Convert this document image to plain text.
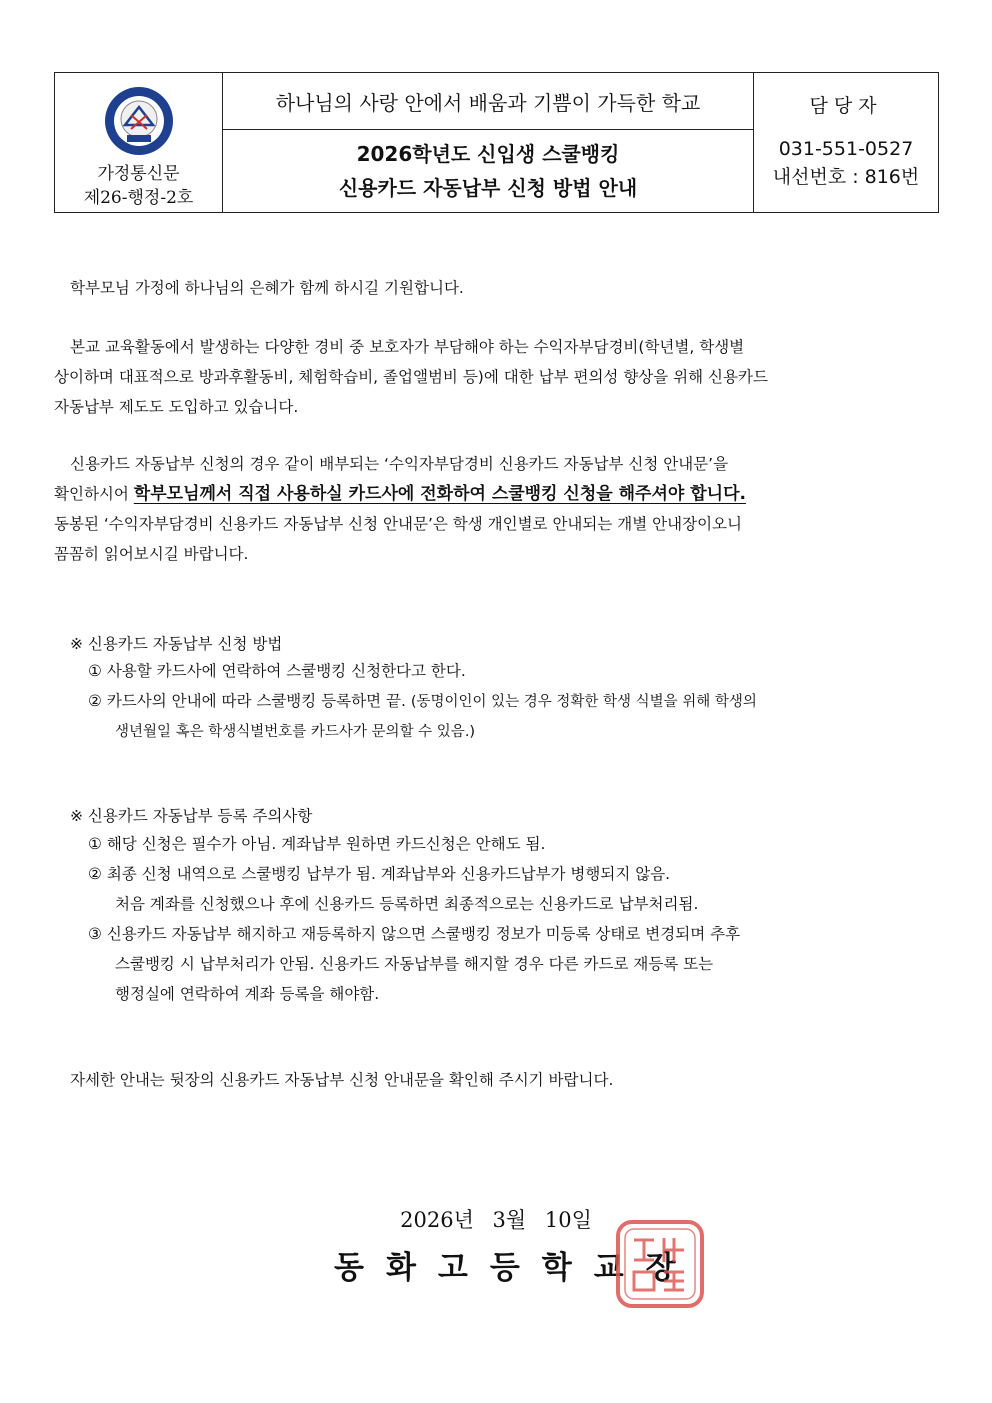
가정통신문
제26-행정-2호
하나님의 사랑 안에서 배움과 기쁨이 가득한 학교
2026학년도 신입생 스쿨뱅킹
신용카드 자동납부 신청 방법 안내
담당자
031-551-0527
내선번호 : 816번

학부모님 가정에 하나님의 은혜가 함께 하시길 기원합니다.

본교 교육활동에서 발생하는 다양한 경비 중 보호자가 부담해야 하는 수익자부담경비(학년별, 학생별

상이하며 대표적으로 방과후활동비, 체험학습비, 졸업앨범비 등)에 대한 납부 편의성 향상을 위해 신용카드

자동납부 제도도 도입하고 있습니다.

신용카드 자동납부 신청의 경우 같이 배부되는 ‘수익자부담경비 신용카드 자동납부 신청 안내문’을

확인하시어 학부모님께서 직접 사용하실 카드사에 전화하여 스쿨뱅킹 신청을 해주셔야 합니다.

동봉된 ‘수익자부담경비 신용카드 자동납부 신청 안내문’은 학생 개인별로 안내되는 개별 안내장이오니

꼼꼼히 읽어보시길 바랍니다.

※ 신용카드 자동납부 신청 방법
① 사용할 카드사에 연락하여 스쿨뱅킹 신청한다고 한다.
② 카드사의 안내에 따라 스쿨뱅킹 등록하면 끝. (동명이인이 있는 경우 정확한 학생 식별을 위해 학생의
생년월일 혹은 학생식별번호를 카드사가 문의할 수 있음.)
※ 신용카드 자동납부 등록 주의사항
① 해당 신청은 필수가 아님. 계좌납부 원하면 카드신청은 안해도 됨.
② 최종 신청 내역으로 스쿨뱅킹 납부가 됨. 계좌납부와 신용카드납부가 병행되지 않음.
처음 계좌를 신청했으나 후에 신용카드 등록하면 최종적으로는 신용카드로 납부처리됨.
③ 신용카드 자동납부 해지하고 재등록하지 않으면 스쿨뱅킹 정보가 미등록 상태로 변경되며 추후
스쿨뱅킹 시 납부처리가 안됨. 신용카드 자동납부를 해지할 경우 다른 카드로 재등록 또는
행정실에 연락하여 계좌 등록을 해야함.

자세한 안내는 뒷장의 신용카드 자동납부 신청 안내문을 확인해 주시기 바랍니다.

2026년 3월 10일
동화고등학교장
